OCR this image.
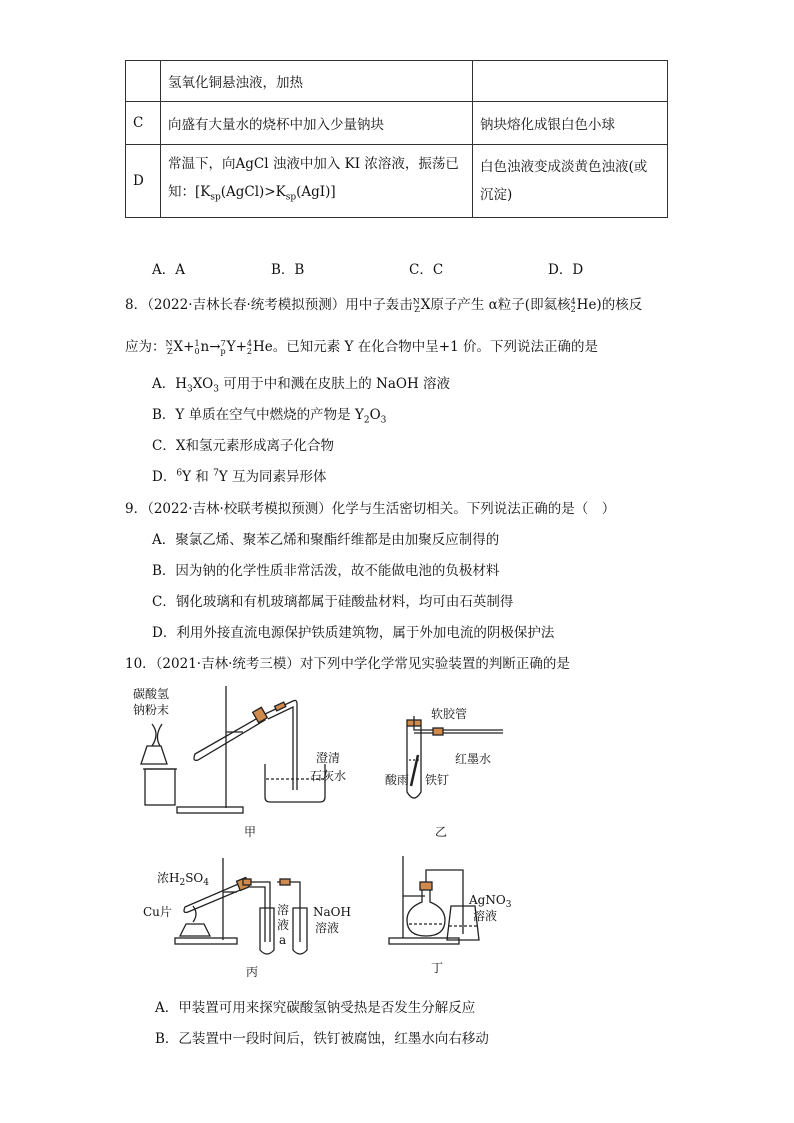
	氢氧化铜悬浊液，加热	
C	向盛有大量水的烧杯中加入少量钠块	钠块熔化成银白色小球
D	常温下，向AgCl 浊液中加入 KI 浓溶液，振荡已
知：$[K_{sp}(AgCl)>K_{sp}(AgI)]$	白色浊液变成淡黄色浊液(或
沉淀)
A．A	B．B	C．C	D．D
8．（2022·吉林长春·统考模拟预测）用中子轰击N
ZX原子产生 α粒子(即氦核4
2He)的核反
应为：N
ZX+1
0n→7
pY+4
2He。已知元素 Y 在化合物中呈+1 价。下列说法正确的是
A．$H_3XO_3$ 可用于中和溅在皮肤上的 NaOH 溶液
B．Y 单质在空气中燃烧的产物是 $Y_2O_3$
C．X和氢元素形成离子化合物
D．$^6$Y 和 $^7$Y 互为同素异形体
9．（2022·吉林·校联考模拟预测）化学与生活密切相关。下列说法正确的是（　）
A．聚氯乙烯、聚苯乙烯和聚酯纤维都是由加聚反应制得的
B．因为钠的化学性质非常活泼，故不能做电池的负极材料
C．钢化玻璃和有机玻璃都属于硅酸盐材料，均可由石英制得
D．利用外接直流电源保护铁质建筑物，属于外加电流的阴极保护法
10．（2021·吉林·统考三模）对下列中学化学常见实验装置的判断正确的是
碳酸氢
钠粉末
澄清
石灰水
甲
软胶管
红墨水
酸雨 铁钉
乙
浓$H_2SO_4$
Cu片	溶
液
a
NaOH
溶液
丙
AgNO$_3$
溶液
丁
A．甲装置可用来探究碳酸氢钠受热是否发生分解反应
B．乙装置中一段时间后，铁钉被腐蚀，红墨水向右移动
